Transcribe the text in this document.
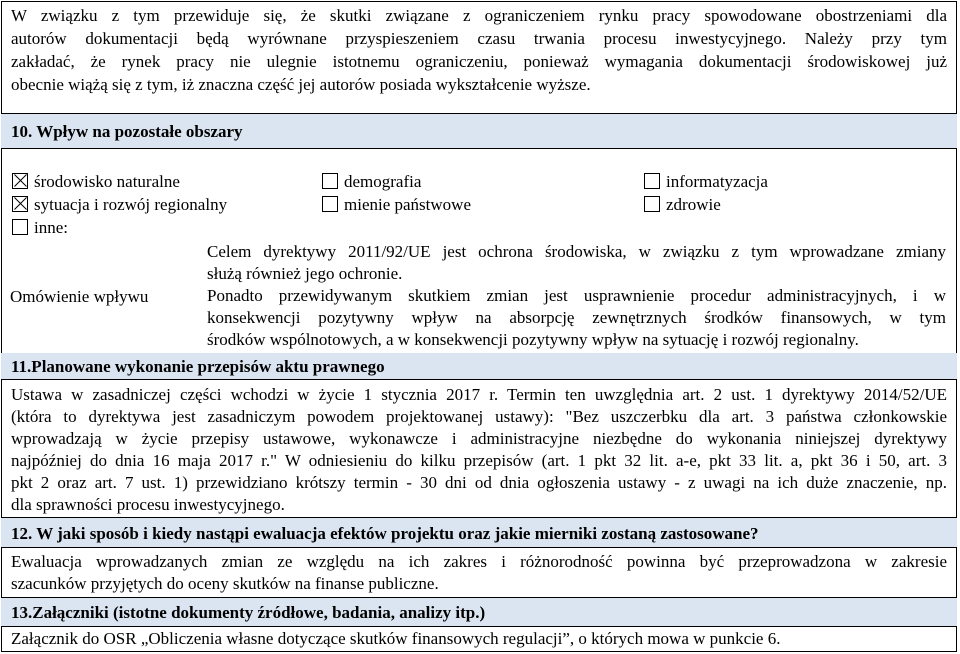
W związku z tym przewiduje się, że skutki związane z ograniczeniem rynku pracy spowodowane obostrzeniami dla
autorów dokumentacji będą wyrównane przyspieszeniem czasu trwania procesu inwestycyjnego. Należy przy tym
zakładać, że rynek pracy nie ulegnie istotnemu ograniczeniu, ponieważ wymagania dokumentacji środowiskowej już
obecnie wiążą się z tym, iż znaczna część jej autorów posiada wykształcenie wyższe.
10. Wpływ na pozostałe obszary
środowisko naturalne
sytuacja i rozwój regionalny
inne:
demografia
mienie państwowe
informatyzacja
zdrowie
Omówienie wpływu
Celem dyrektywy 2011/92/UE jest ochrona środowiska, w związku z tym wprowadzane zmiany
służą również jego ochronie.
Ponadto przewidywanym skutkiem zmian jest usprawnienie procedur administracyjnych, i w
konsekwencji pozytywny wpływ na absorpcję zewnętrznych środków finansowych, w tym
środków wspólnotowych, a w konsekwencji pozytywny wpływ na sytuację i rozwój regionalny.
11.Planowane wykonanie przepisów aktu prawnego
Ustawa w zasadniczej części wchodzi w życie 1 stycznia 2017 r. Termin ten uwzględnia art. 2 ust. 1 dyrektywy 2014/52/UE
(która to dyrektywa jest zasadniczym powodem projektowanej ustawy): "Bez uszczerbku dla art. 3 państwa członkowskie
wprowadzają w życie przepisy ustawowe, wykonawcze i administracyjne niezbędne do wykonania niniejszej dyrektywy
najpóźniej do dnia 16 maja 2017 r." W odniesieniu do kilku przepisów (art. 1 pkt 32 lit. a-e, pkt 33 lit. a, pkt 36 i 50, art. 3
pkt 2 oraz art. 7 ust. 1) przewidziano krótszy termin - 30 dni od dnia ogłoszenia ustawy - z uwagi na ich duże znaczenie, np.
dla sprawności procesu inwestycyjnego.
12. W jaki sposób i kiedy nastąpi ewaluacja efektów projektu oraz jakie mierniki zostaną zastosowane?
Ewaluacja wprowadzanych zmian ze względu na ich zakres i różnorodność powinna być przeprowadzona w zakresie
szacunków przyjętych do oceny skutków na finanse publiczne.
13.Załączniki (istotne dokumenty źródłowe, badania, analizy itp.)
Załącznik do OSR „Obliczenia własne dotyczące skutków finansowych regulacji”, o których mowa w punkcie 6.
